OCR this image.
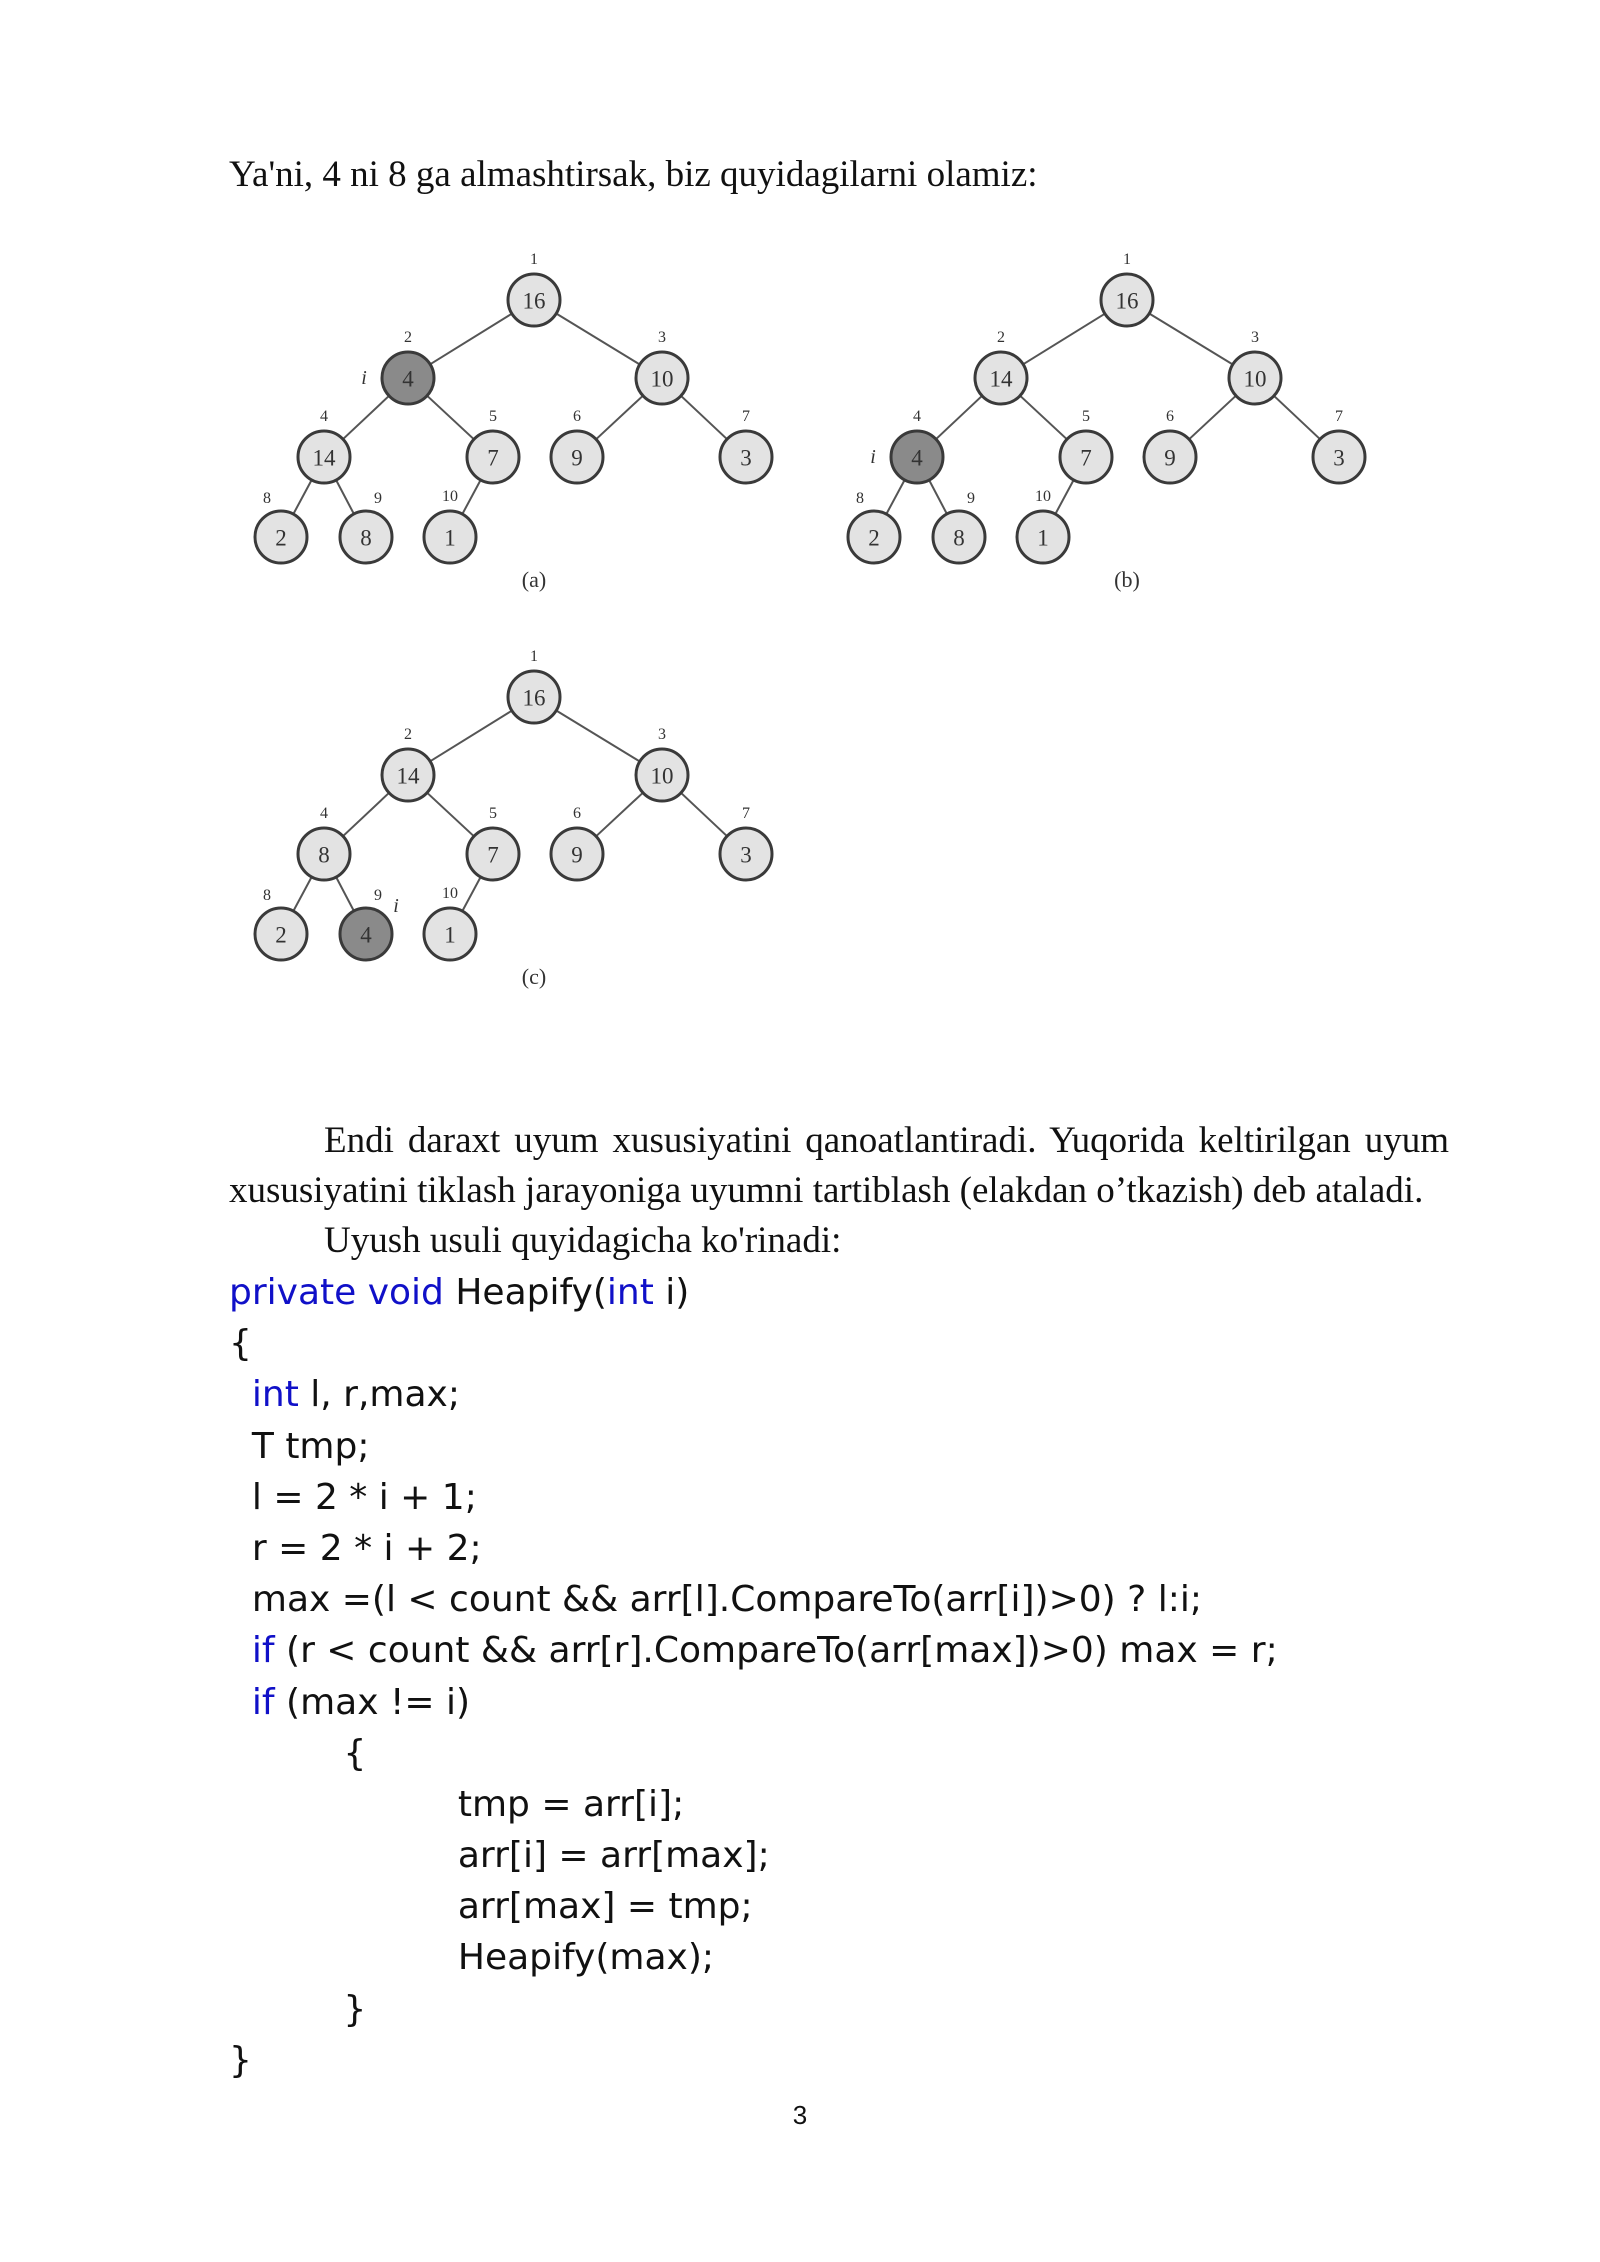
Ya'ni, 4 ni 8 ga almashtirsak, biz quyidagilarni olamiz:

16
1
4
2
10
3
14
4
7
5
9
6
3
7
2
8
8
9
1
10
i
(a)
16
1
14
2
10
3
4
4
7
5
9
6
3
7
2
8
8
9
1
10
i
(b)
16
1
14
2
10
3
8
4
7
5
9
6
3
7
2
8
4
9
1
10
i
(c)

Endi daraxt uyum xususiyatini qanoatlantiradi. Yuqorida keltirilgan uyum xususiyatini tiklash jarayoniga uyumni tartiblash (elakdan o’tkazish) deb ataladi.

Uyush usuli quyidagicha ko'rinadi:

private void Heapify(int i)
{
int l, r,max;
T tmp;
l = 2 * i + 1;
r = 2 * i + 2;
max =(l < count && arr[l].CompareTo(arr[i])>0) ? l:i;
if (r < count && arr[r].CompareTo(arr[max])>0) max = r;
if (max != i)
{
tmp = arr[i];
arr[i] = arr[max];
arr[max] = tmp;
Heapify(max);
}
}
3
